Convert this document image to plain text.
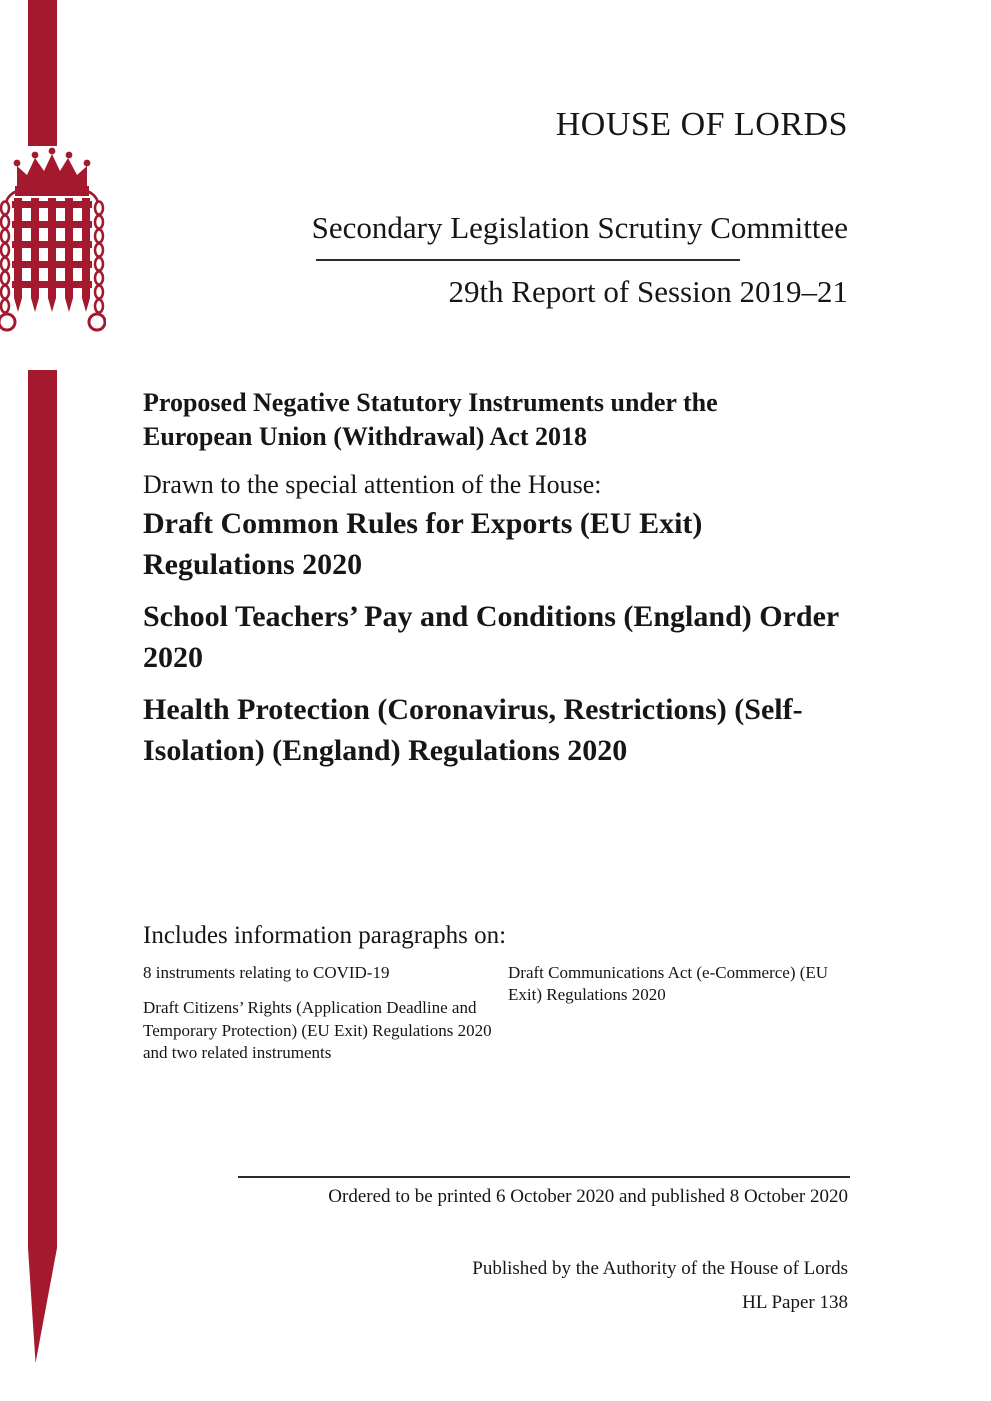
HOUSE OF LORDS
Secondary Legislation Scrutiny Committee
29th Report of Session 2019–21
Proposed Negative Statutory Instruments under the European Union (Withdrawal) Act 2018
Drawn to the special attention of the House:
Draft Common Rules for Exports (EU Exit) Regulations 2020
School Teachers’ Pay and Conditions (England) Order 2020
Health Protection (Coronavirus, Restrictions) (Self-Isolation) (England) Regulations 2020
Includes information paragraphs on:

8 instruments relating to COVID-19

Draft Citizens’ Rights (Application Deadline and Temporary Protection) (EU Exit) Regulations 2020 and two related instruments

Draft Communications Act (e-Commerce) (EU Exit) Regulations 2020

Ordered to be printed 6 October 2020 and published 8 October 2020
Published by the Authority of the House of Lords
HL Paper 138
